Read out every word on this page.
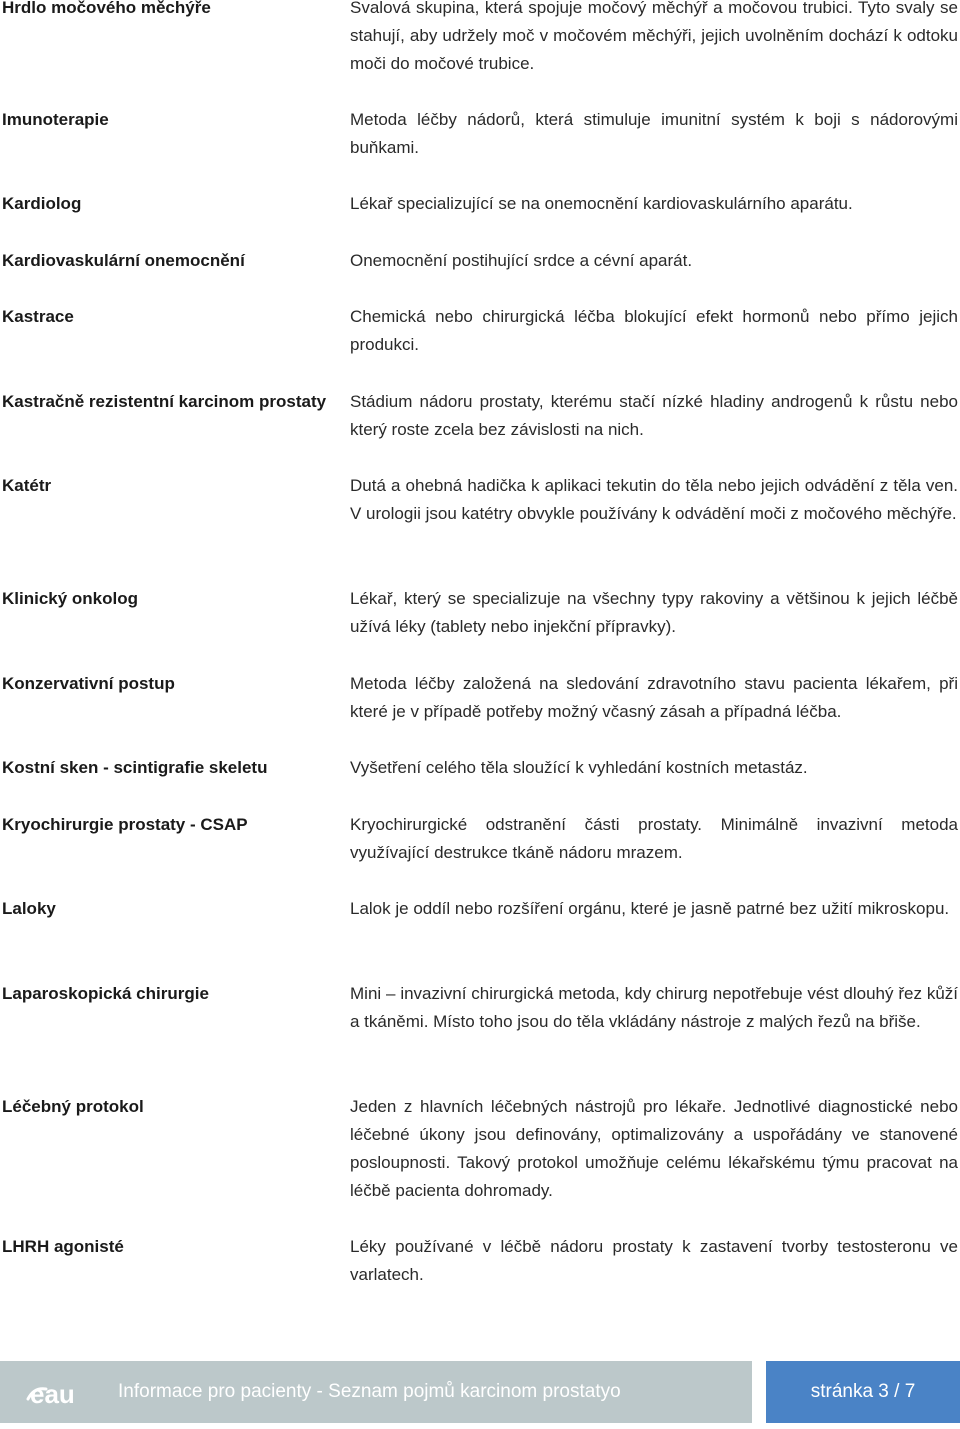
Hrdlo močového měchýře	Svalová skupina, která spojuje močový měchýř a močovou trubici. Tyto svaly se stahují, aby udržely moč v močovém měchýři, jejich uvolněním dochází k odtoku moči do močové trubice.
Imunoterapie	Metoda léčby nádorů, která stimuluje imunitní systém k boji s nádorovými buňkami.
Kardiolog	Lékař specializující se na onemocnění kardiovaskulárního aparátu.
Kardiovaskulární onemocnění	Onemocnění postihující srdce a cévní aparát.
Kastrace	Chemická nebo chirurgická léčba blokující efekt hormonů nebo přímo jejich produkci.
Kastračně rezistentní karcinom prostaty	Stádium nádoru prostaty, kterému stačí nízké hladiny androgenů k růstu nebo který roste zcela bez závislosti na nich.
Katétr	Dutá a ohebná hadička k aplikaci tekutin do těla nebo jejich odvádění z těla ven. V urologii jsou katétry obvykle používány k odvádění moči z močového měchýře.
Klinický onkolog	Lékař, který se specializuje na všechny typy rakoviny a většinou k jejich léčbě užívá léky (tablety nebo injekční přípravky).
Konzervativní postup	Metoda léčby založená na sledování zdravotního stavu pacienta lékařem, při které je v případě potřeby možný včasný zásah a případná léčba.
Kostní sken - scintigrafie skeletu	Vyšetření celého těla sloužící k vyhledání kostních metastáz.
Kryochirurgie prostaty - CSAP	Kryochirurgické odstranění části prostaty. Minimálně invazivní metoda využívající destrukce tkáně nádoru mrazem.
Laloky	Lalok je oddíl nebo rozšíření orgánu, které je jasně patrné bez užití mikroskopu.
Laparoskopická chirurgie	Mini – invazivní chirurgická metoda, kdy chirurg nepotřebuje vést dlouhý řez kůží a tkáněmi. Místo toho jsou do těla vkládány nástroje z malých řezů na břiše.
Léčebný protokol	Jeden z hlavních léčebných nástrojů pro lékaře. Jednotlivé diagnostické nebo léčebné úkony jsou definovány, optimalizovány a uspořádány ve stanovené posloupnosti. Takový protokol umožňuje celému lékařskému týmu pracovat na léčbě pacienta dohromady.
LHRH agonisté	Léky používané v léčbě nádoru prostaty k zastavení tvorby testosteronu ve varlatech.
eau Informace pro pacienty - Seznam pojmů karcinom prostatyo	stránka 3 / 7
